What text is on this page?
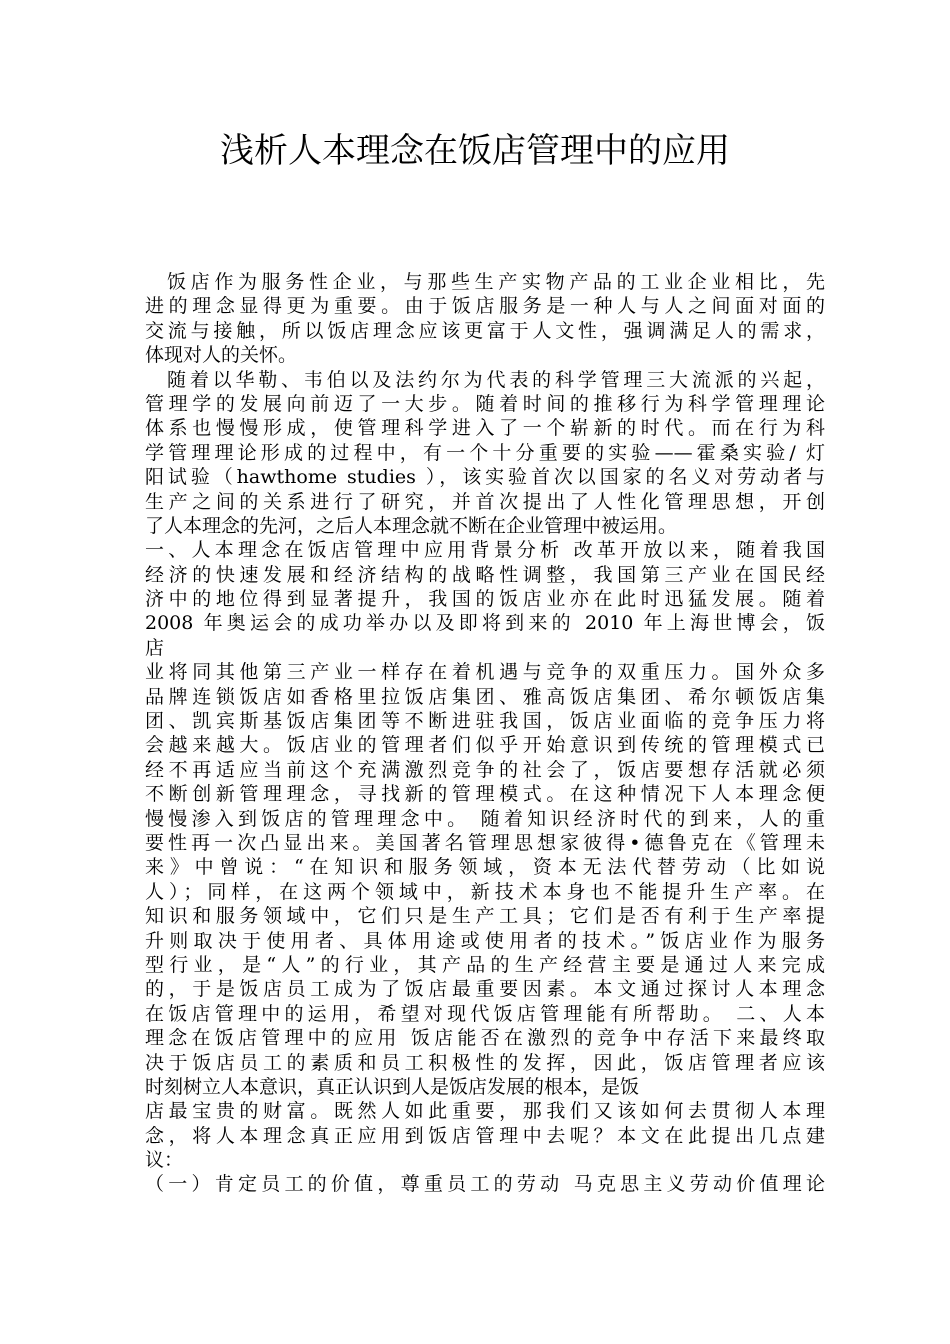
浅析人本理念在饭店管理中的应用
饭店作为服务性企业，与那些生产实物产品的工业企业相比，先
进的理念显得更为重要。由于饭店服务是一种人与人之间面对面的
交流与接触，所以饭店理念应该更富于人文性，强调满足人的需求，
体现对人的关怀。
随着以华勒、韦伯以及法约尔为代表的科学管理三大流派的兴起，
管理学的发展向前迈了一大步。随着时间的推移行为科学管理理论
体系也慢慢形成，使管理科学进入了一个崭新的时代。而在行为科
学管理理论形成的过程中，有一个十分重要的实验——霍桑实验/ 灯
阳试验（hawthome studies ），该实验首次以国家的名义对劳动者与
生产之间的关系进行了研究，并首次提出了人性化管理思想，开创
了人本理念的先河，之后人本理念就不断在企业管理中被运用。
一、人本理念在饭店管理中应用背景分析 改革开放以来，随着我国
经济的快速发展和经济结构的战略性调整，我国第三产业在国民经
济中的地位得到显著提升，我国的饭店业亦在此时迅猛发展。随着
2008 年奥运会的成功举办以及即将到来的 2010 年上海世博会，饭
店
业将同其他第三产业一样存在着机遇与竞争的双重压力。国外众多
品牌连锁饭店如香格里拉饭店集团、雅高饭店集团、希尔顿饭店集
团、凯宾斯基饭店集团等不断进驻我国，饭店业面临的竞争压力将
会越来越大。饭店业的管理者们似乎开始意识到传统的管理模式已
经不再适应当前这个充满激烈竞争的社会了，饭店要想存活就必须
不断创新管理理念，寻找新的管理模式。在这种情况下人本理念便
慢慢渗入到饭店的管理理念中。 随着知识经济时代的到来，人的重
要性再一次凸显出来。美国著名管理思想家彼得•德鲁克在《管理未
来》中曾说：“在知识和服务领域，资本无法代替劳动（比如说
人）；同样，在这两个领域中，新技术本身也不能提升生产率。在
知识和服务领域中，它们只是生产工具；它们是否有利于生产率提
升则取决于使用者、具体用途或使用者的技术。”饭店业作为服务
型行业，是“人”的行业，其产品的生产经营主要是通过人来完成
的，于是饭店员工成为了饭店最重要因素。本文通过探讨人本理念
在饭店管理中的运用，希望对现代饭店管理能有所帮助。 二、人本
理念在饭店管理中的应用 饭店能否在激烈的竞争中存活下来最终取
决于饭店员工的素质和员工积极性的发挥，因此，饭店管理者应该
时刻树立人本意识，真正认识到人是饭店发展的根本，是饭
店最宝贵的财富。既然人如此重要，那我们又该如何去贯彻人本理
念，将人本理念真正应用到饭店管理中去呢？本文在此提出几点建
议：
（一）肯定员工的价值，尊重员工的劳动 马克思主义劳动价值理论
